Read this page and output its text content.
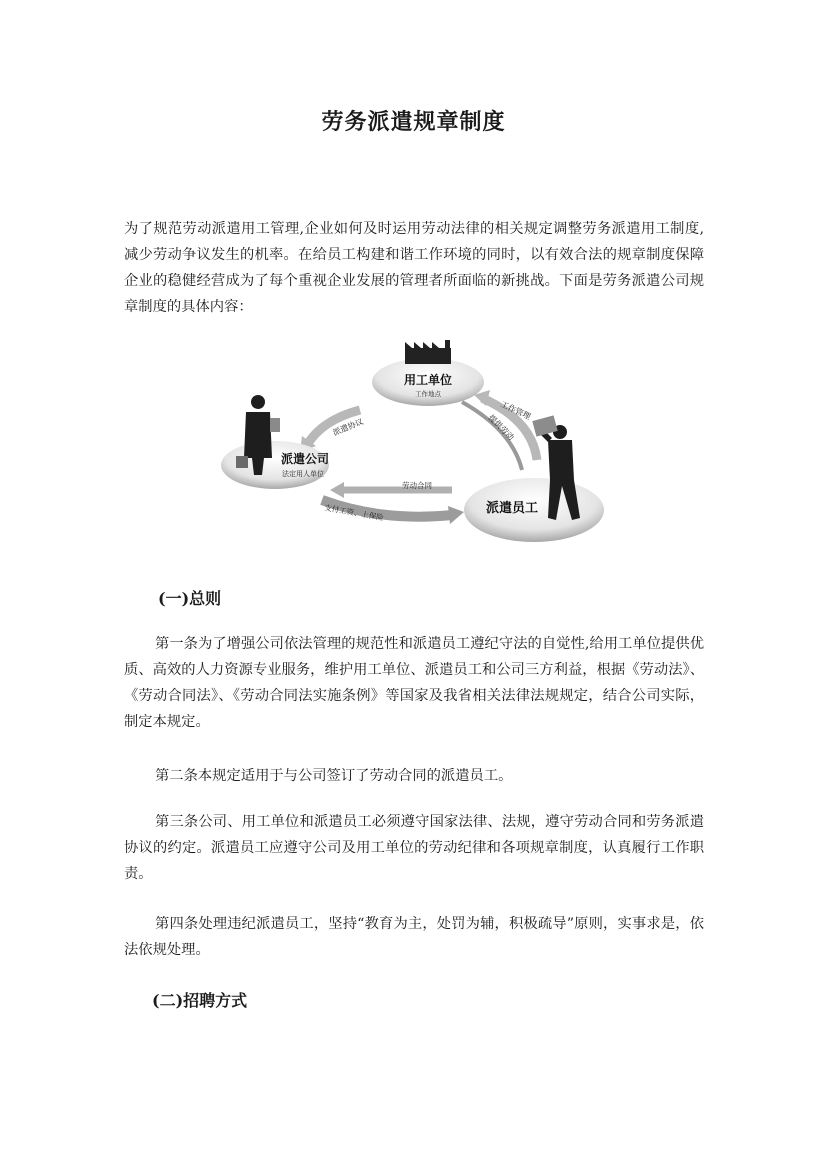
劳务派遣规章制度

为了规范劳动派遣用工管理,企业如何及时运用劳动法律的相关规定调整劳务派遣用工制度,减少劳动争议发生的机率。在给员工构建和谐工作环境的同时，以有效合法的规章制度保障企业的稳健经营成为了每个重视企业发展的管理者所面临的新挑战。下面是劳务派遣公司规章制度的具体内容：

用工单位
工作地点
派遣公司
法定用人单位
派遣员工
派遣协议
劳动合同
支付工资、上保险
工作管理
提供劳动
(一)总则

第一条为了增强公司依法管理的规范性和派遣员工遵纪守法的自觉性,给用工单位提供优质、高效的人力资源专业服务，维护用工单位、派遣员工和公司三方利益，根据《劳动法》、《劳动合同法》、《劳动合同法实施条例》等国家及我省相关法律法规规定，结合公司实际，制定本规定。

第二条本规定适用于与公司签订了劳动合同的派遣员工。

第三条公司、用工单位和派遣员工必须遵守国家法律、法规，遵守劳动合同和劳务派遣协议的约定。派遣员工应遵守公司及用工单位的劳动纪律和各项规章制度，认真履行工作职责。

第四条处理违纪派遣员工，坚持“教育为主，处罚为辅，积极疏导”原则，实事求是，依法依规处理。

(二)招聘方式
